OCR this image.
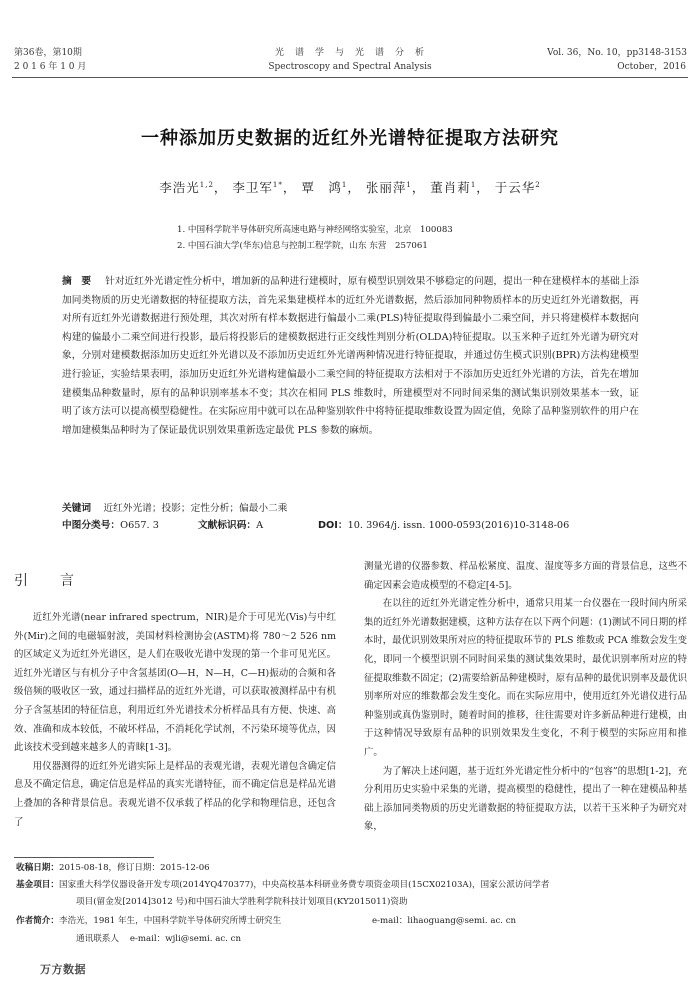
第36卷，第10期
2 0 1 6 年 1 0 月
光　谱　学　与　光　谱　分　析
Spectroscopy and Spectral Analysis
Vol. 36，No. 10，pp3148-3153
October，2016
一种添加历史数据的近红外光谱特征提取方法研究
李浩光$^{1,2}$， 李卫军$^{1*}$， 覃　鸿$^1$， 张丽萍$^1$， 董肖莉$^1$， 于云华$^2$
1. 中国科学院半导体研究所高速电路与神经网络实验室，北京　100083
2. 中国石油大学(华东)信息与控制工程学院，山东 东营　257061
摘　要 针对近红外光谱定性分析中，增加新的品种进行建模时，原有模型识别效果不够稳定的问题，提出一种在建模样本的基础上添加同类物质的历史光谱数据的特征提取方法，首先采集建模样本的近红外光谱数据，然后添加同种物质样本的历史近红外光谱数据，再对所有近红外光谱数据进行预处理，其次对所有样本数据进行偏最小二乘(PLS)特征提取得到偏最小二乘空间，并只将建模样本数据向构建的偏最小二乘空间进行投影，最后将投影后的建模数据进行正交线性判别分析(OLDA)特征提取。以玉米种子近红外光谱为研究对象，分别对建模数据添加历史近红外光谱以及不添加历史近红外光谱两种情况进行特征提取，并通过仿生模式识别(BPR)方法构建模型进行验证，实验结果表明，添加历史近红外光谱构建偏最小二乘空间的特征提取方法相对于不添加历史近红外光谱的方法，首先在增加建模集品种数量时，原有的品种识别率基本不变；其次在相同 PLS 维数时，所建模型对不同时间采集的测试集识别效果基本一致，证明了该方法可以提高模型稳健性。在实际应用中就可以在品种鉴别软件中将特征提取维数设置为固定值，免除了品种鉴别软件的用户在增加建模集品种时为了保证最优识别效果重新选定最优 PLS 参数的麻烦。
关键词 近红外光谱；投影；定性分析；偏最小二乘
中图分类号：O657. 3	文献标识码：A	DOI：10. 3964/j. issn. 1000-0593(2016)10-3148-06
引　言

近红外光谱(near infrared spectrum，NIR)是介于可见光(Vis)与中红外(Mir)之间的电磁辐射波，美国材料检测协会(ASTM)将 780～2 526 nm 的区域定义为近红外光谱区，是人们在吸收光谱中发现的第一个非可见光区。近红外光谱区与有机分子中含氢基团(O—H，N—H，C—H)振动的合频和各级倍频的吸收区一致，通过扫描样品的近红外光谱，可以获取被测样品中有机分子含氢基团的特征信息，利用近红外光谱技术分析样品具有方便、快速、高效、准确和成本较低，不破坏样品，不消耗化学试剂，不污染环境等优点，因此该技术受到越来越多人的青睐[1-3]。

用仪器测得的近红外光谱实际上是样品的表观光谱，表观光谱包含确定信息及不确定信息，确定信息是样品的真实光谱特征，而不确定信息是样品光谱上叠加的各种背景信息。表观光谱不仅承载了样品的化学和物理信息，还包含了

测量光谱的仪器参数、样品松紧度、温度、湿度等多方面的背景信息，这些不确定因素会造成模型的不稳定[4-5]。

在以往的近红外光谱定性分析中，通常只用某一台仪器在一段时间内所采集的近红外光谱数据建模，这种方法存在以下两个问题：(1)测试不同日期的样本时，最优识别效果所对应的特征提取环节的 PLS 维数或 PCA 维数会发生变化，即同一个模型识别不同时间采集的测试集效果时，最优识别率所对应的特征提取维数不固定；(2)需要给新品种建模时，原有品种的最优识别率及最优识别率所对应的维数都会发生变化。而在实际应用中，使用近红外光谱仪进行品种鉴别或真伪鉴别时，随着时间的推移，往往需要对许多新品种进行建模，由于这种情况导致原有品种的识别效果发生变化，不利于模型的实际应用和推广。

为了解决上述问题，基于近红外光谱定性分析中的“包容”的思想[1-2]，充分利用历史实验中采集的光谱，提高模型的稳健性，提出了一种在建模品种基础上添加同类物质的历史光谱数据的特征提取方法，以若干玉米种子为研究对象，

收稿日期：2015-08-18，修订日期：2015-12-06
基金项目：国家重大科学仪器设备开发专项(2014YQ470377)，中央高校基本科研业务费专项资金项目(15CX02103A)，国家公派访问学者
项目(留金发[2014]3012 号)和中国石油大学胜利学院科技计划项目(KY2015011)资助
作者简介：李浩光，1981 年生，中国科学院半导体研究所博士研究生	e-mail：lihaoguang@semi. ac. cn
通讯联系人 e-mail：wjli@semi. ac. cn
万方数据
